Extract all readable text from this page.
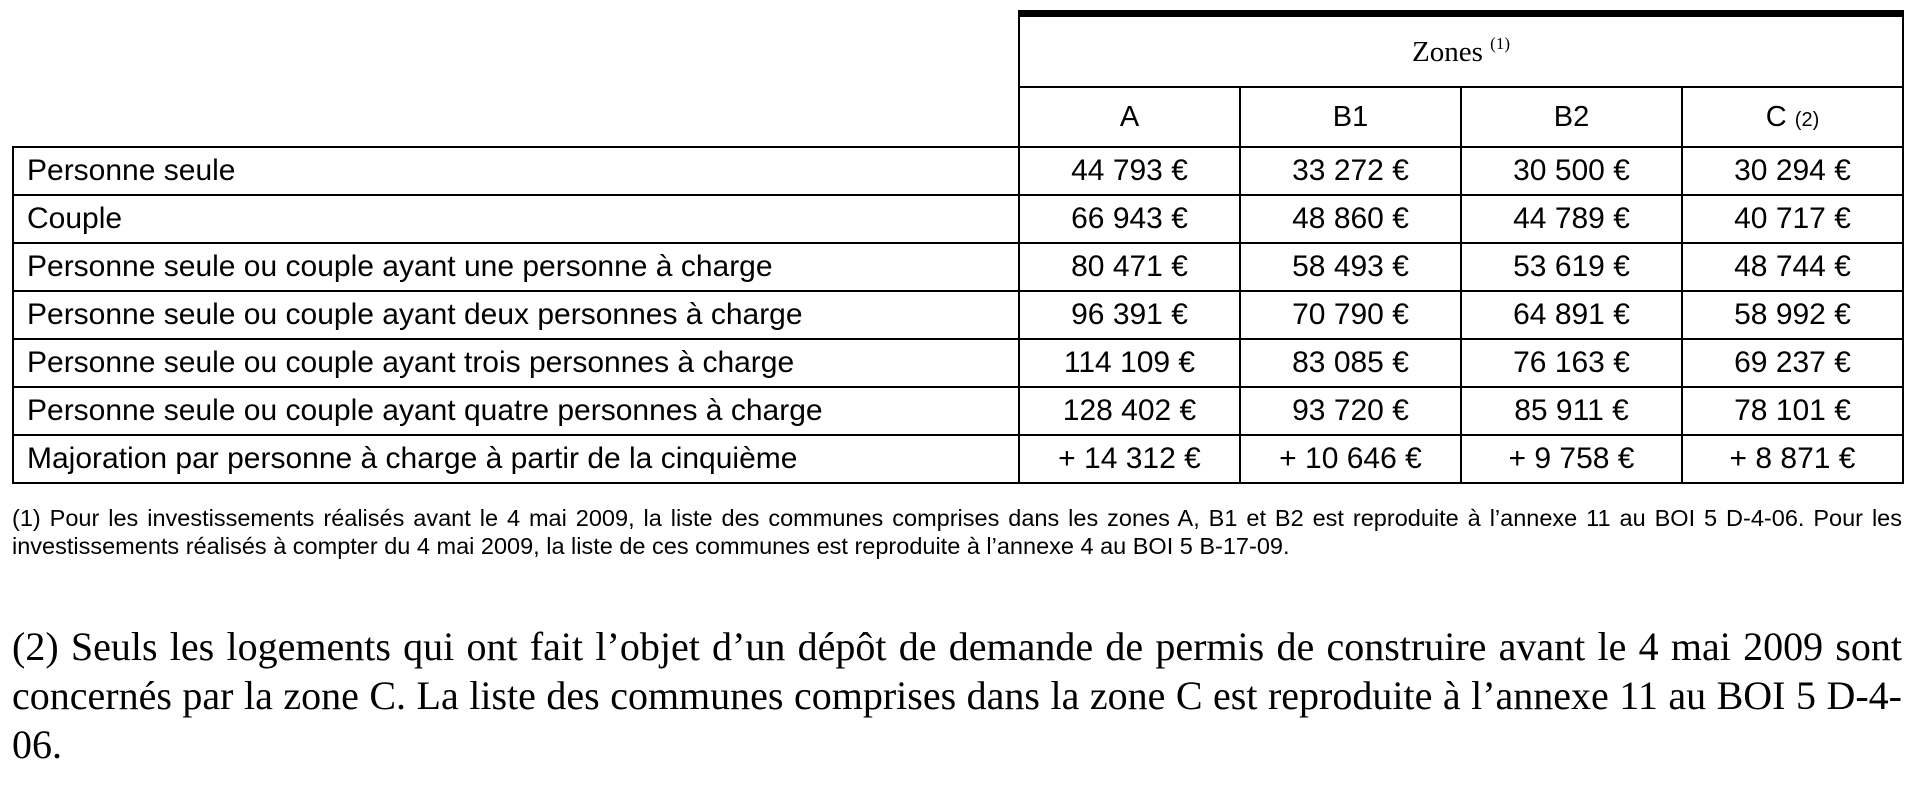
	Zones $^{(1)}$
	A	B1	B2	C (2)
Personne seule	44 793 €	33 272 €	30 500 €	30 294 €
Couple	66 943 €	48 860 €	44 789 €	40 717 €
Personne seule ou couple ayant une personne à charge	80 471 €	58 493 €	53 619 €	48 744 €
Personne seule ou couple ayant deux personnes à charge	96 391 €	70 790 €	64 891 €	58 992 €
Personne seule ou couple ayant trois personnes à charge	114 109 €	83 085 €	76 163 €	69 237 €
Personne seule ou couple ayant quatre personnes à charge	128 402 €	93 720 €	85 911 €	78 101 €
Majoration par personne à charge à partir de la cinquième	+ 14 312 €	+ 10 646 €	+ 9 758 €	+ 8 871 €

(1) Pour les investissements réalisés avant le 4 mai 2009, la liste des communes comprises dans les zones A, B1 et B2 est reproduite à l’annexe 11 au BOI 5 D-4-06. Pour les investissements réalisés à compter du 4 mai 2009, la liste de ces communes est reproduite à l’annexe 4 au BOI 5 B-17-09.

(2) Seuls les logements qui ont fait l’objet d’un dépôt de demande de permis de construire avant le 4 mai 2009 sont concernés par la zone C. La liste des communes comprises dans la zone C est reproduite à l’annexe 11 au BOI 5 D-4-06.
